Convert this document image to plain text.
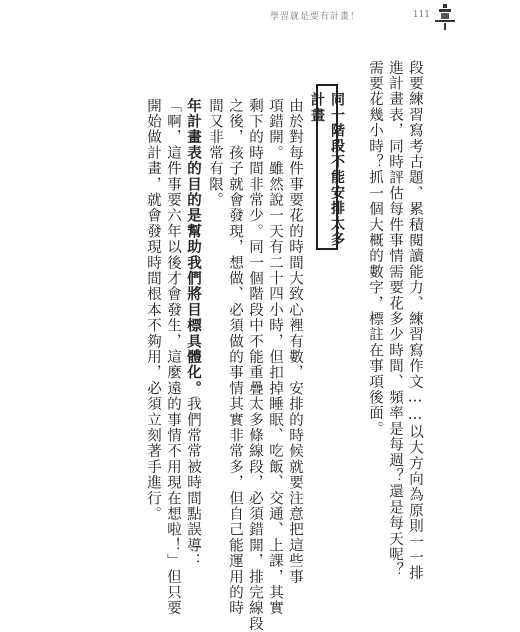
學習就是要有計畫！	111
段要練習寫考古題、累積閱讀能力、練習寫作文……以大方向為原則一一排
進計畫表，同時評估每件事情需要花多少時間、頻率是每週？還是每天呢？
需要花幾小時？抓一個大概的數字，標註在事項後面。
同一階段不能安排太多計畫
由於對每件事要花的時間大致心裡有數，安排的時候就要注意把這些事
項錯開。雖然說一天有二十四小時，但扣掉睡眠、吃飯、交通、上課，其實
剩下的時間非常少。同一個階段中不能重疊太多條線段，必須錯開，排完線段
之後，孩子就會發現，想做、必須做的事情其實非常多，但自己能運用的時
間又非常有限。
年計畫表的目的是幫助我們將目標具體化。我們常常被時間點誤導：
「啊，這件事要六年以後才會發生，這麼遠的事情不用現在想啦！」但只要
開始做計畫，就會發現時間根本不夠用，必須立刻著手進行。
